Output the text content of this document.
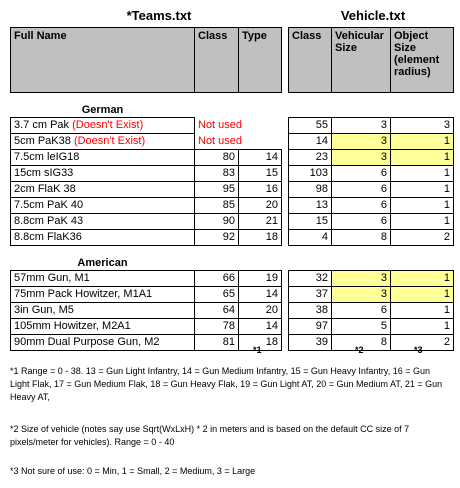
*Teams.txt	Vehicle.txt
Full Name	Class	Type

German		
3.7 cm Pak (Doesn't Exist)	Not used	
5cm PaK38 (Doesn't Exist)	Not used	
7.5cm leIG18	80	14
15cm sIG33	83	15
2cm FlaK 38	95	16
7.5cm PaK 40	85	20
8.8cm PaK 43	90	21
8.8cm FlaK36	92	18

American		
57mm Gun, M1	66	19
75mm Pack Howitzer, M1A1	65	14
3in Gun, M5	64	20
105mm Howitzer, M2A1	78	14
90mm Dual Purpose Gun, M2	81	18
Class	Vehicular Size	Object Size (element radius)

55	3	3
14	3	1
23	3	1
103	6	1
98	6	1
13	6	1
15	6	1
4	8	2

32	3	1
37	3	1
38	6	1
97	5	1
39	8	2
*1	*2	*3
*1 Range = 0 - 38. 13 = Gun Light Infantry, 14 = Gun Medium Infantry, 15 = Gun Heavy Infantry, 16 = Gun Light Flak, 17 = Gun Medium Flak, 18 = Gun Heavy Flak, 19 = Gun Light AT, 20 = Gun Medium AT, 21 = Gun Heavy AT,
*2 Size of vehicle (notes say use Sqrt(WxLxH) * 2 in meters and is based on the default CC size of 7 pixels/meter for vehicles). Range = 0 - 40
*3 Not sure of use: 0 = Min, 1 = Small, 2 = Medium, 3 = Large
